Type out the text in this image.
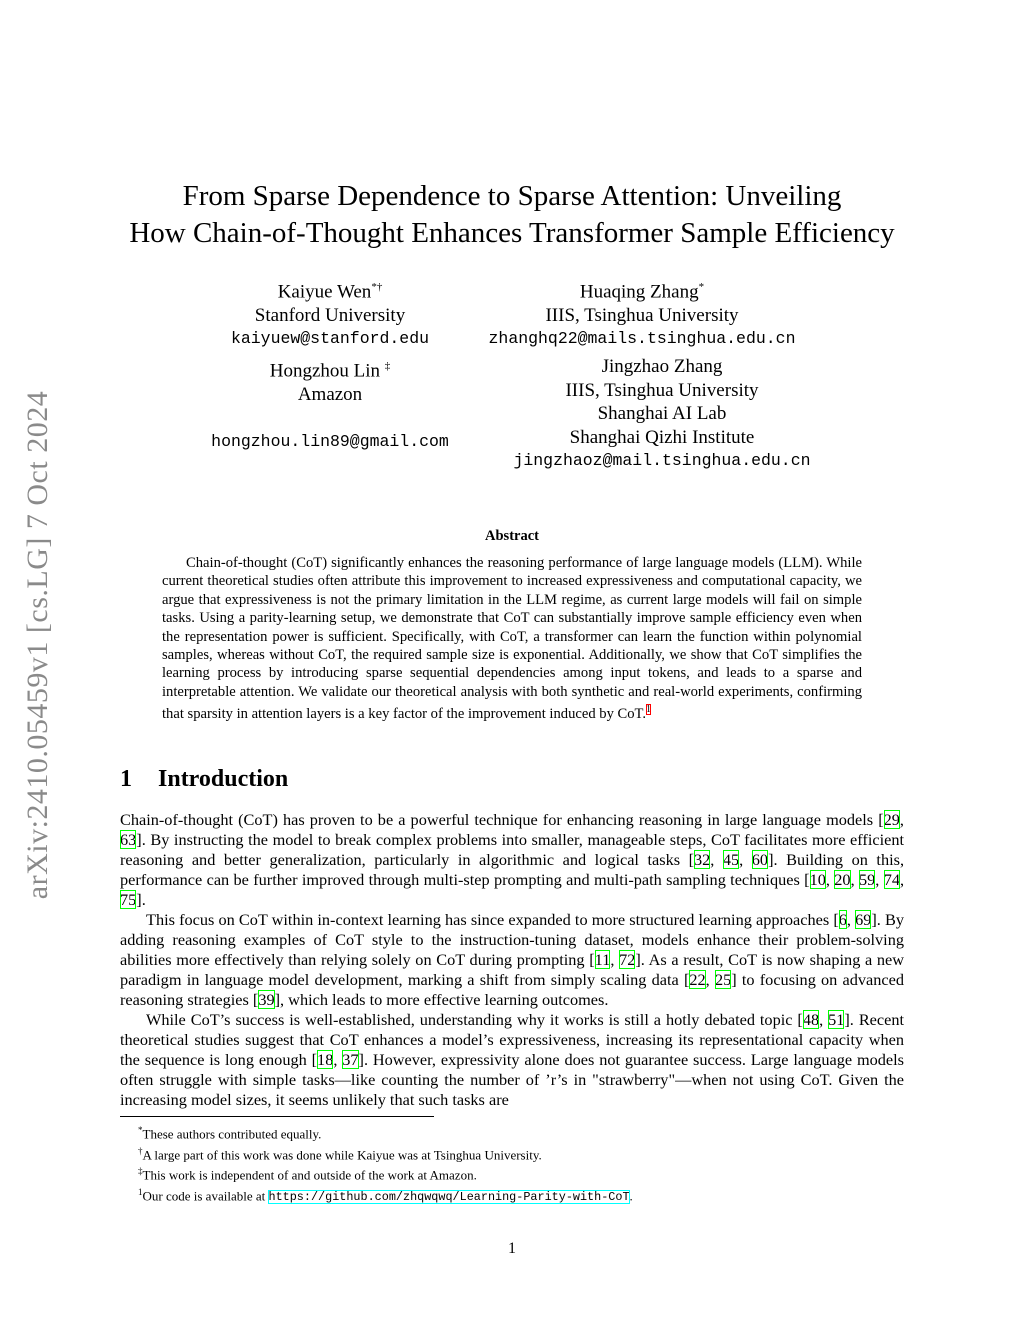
arXiv:2410.05459v1 [cs.LG] 7 Oct 2024
From Sparse Dependence to Sparse Attention: Unveiling
How Chain-of-Thought Enhances Transformer Sample Efficiency
Kaiyue Wen*†
Stanford University
kaiyuew@stanford.edu
Huaqing Zhang*
IIIS, Tsinghua University
zhanghq22@mails.tsinghua.edu.cn
Hongzhou Lin ‡
Amazon
hongzhou.lin89@gmail.com
Jingzhao Zhang
IIIS, Tsinghua University
Shanghai AI Lab
Shanghai Qizhi Institute
jingzhaoz@mail.tsinghua.edu.cn
Abstract
Chain-of-thought (CoT) significantly enhances the reasoning performance of large language models (LLM). While current theoretical studies often attribute this improvement to increased expressiveness and computational capacity, we argue that expressiveness is not the primary limitation in the LLM regime, as current large models will fail on simple tasks. Using a parity-learning setup, we demonstrate that CoT can substantially improve sample efficiency even when the representation power is sufficient. Specifically, with CoT, a transformer can learn the function within polynomial samples, whereas without CoT, the required sample size is exponential. Additionally, we show that CoT simplifies the learning process by introducing sparse sequential dependencies among input tokens, and leads to a sparse and interpretable attention. We validate our theoretical analysis with both synthetic and real-world experiments, confirming that sparsity in attention layers is a key factor of the improvement induced by CoT.$^1$
1 Introduction

Chain-of-thought (CoT) has proven to be a powerful technique for enhancing reasoning in large language models [29, 63]. By instructing the model to break complex problems into smaller, manageable steps, CoT facilitates more efficient reasoning and better generalization, particularly in algorithmic and logical tasks [32, 45, 60]. Building on this, performance can be further improved through multi-step prompting and multi-path sampling techniques [10, 20, 59, 74, 75].

This focus on CoT within in-context learning has since expanded to more structured learning approaches [6, 69]. By adding reasoning examples of CoT style to the instruction-tuning dataset, models enhance their problem-solving abilities more effectively than relying solely on CoT during prompting [11, 72]. As a result, CoT is now shaping a new paradigm in language model development, marking a shift from simply scaling data [22, 25] to focusing on advanced reasoning strategies [39], which leads to more effective learning outcomes.

While CoT’s success is well-established, understanding why it works is still a hotly debated topic [48, 51]. Recent theoretical studies suggest that CoT enhances a model’s expressiveness, increasing its representational capacity when the sequence is long enough [18, 37]. However, expressivity alone does not guarantee success. Large language models often struggle with simple tasks—like counting the number of ’r’s in "strawberry"—when not using CoT. Given the increasing model sizes, it seems unlikely that such tasks are

*These authors contributed equally.
†A large part of this work was done while Kaiyue was at Tsinghua University.
‡This work is independent of and outside of the work at Amazon.
$^1$Our code is available at https://github.com/zhqwqwq/Learning-Parity-with-CoT.
1
